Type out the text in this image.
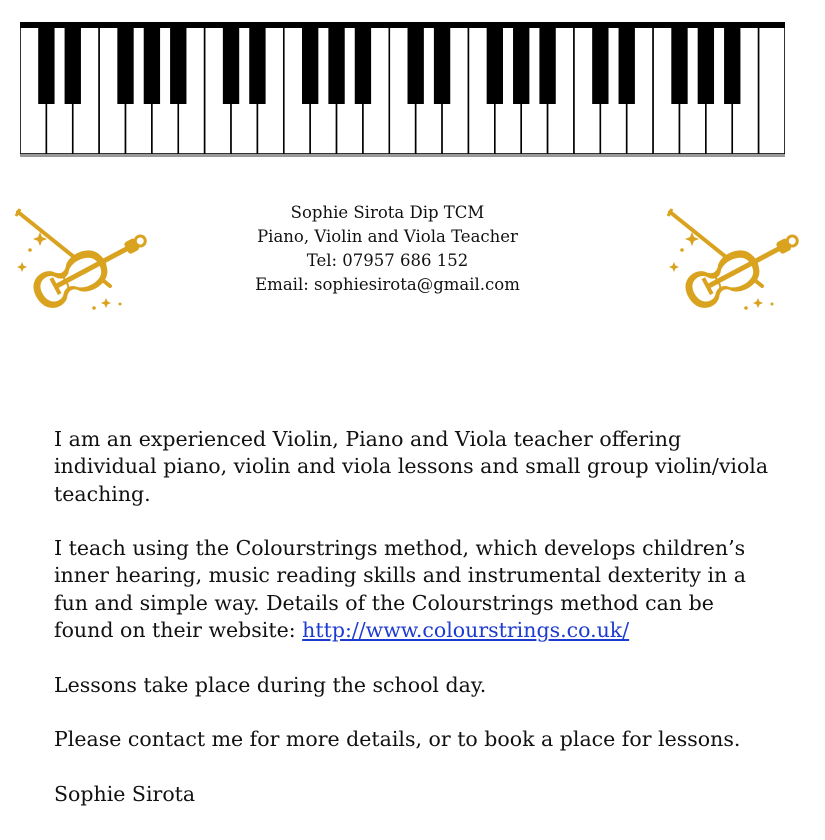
Sophie Sirota Dip TCM
Piano, Violin and Viola Teacher
Tel: 07957 686 152
Email: sophiesirota@gmail.com

I am an experienced Violin, Piano and Viola teacher offering individual piano, violin and viola lessons and small group violin/viola teaching.

I teach using the Colourstrings method, which develops children’s inner hearing, music reading skills and instrumental dexterity in a fun and simple way. Details of the Colourstrings method can be found on their website: http://www.colourstrings.co.uk/

Lessons take place during the school day.

Please contact me for more details, or to book a place for lessons.

Sophie Sirota
